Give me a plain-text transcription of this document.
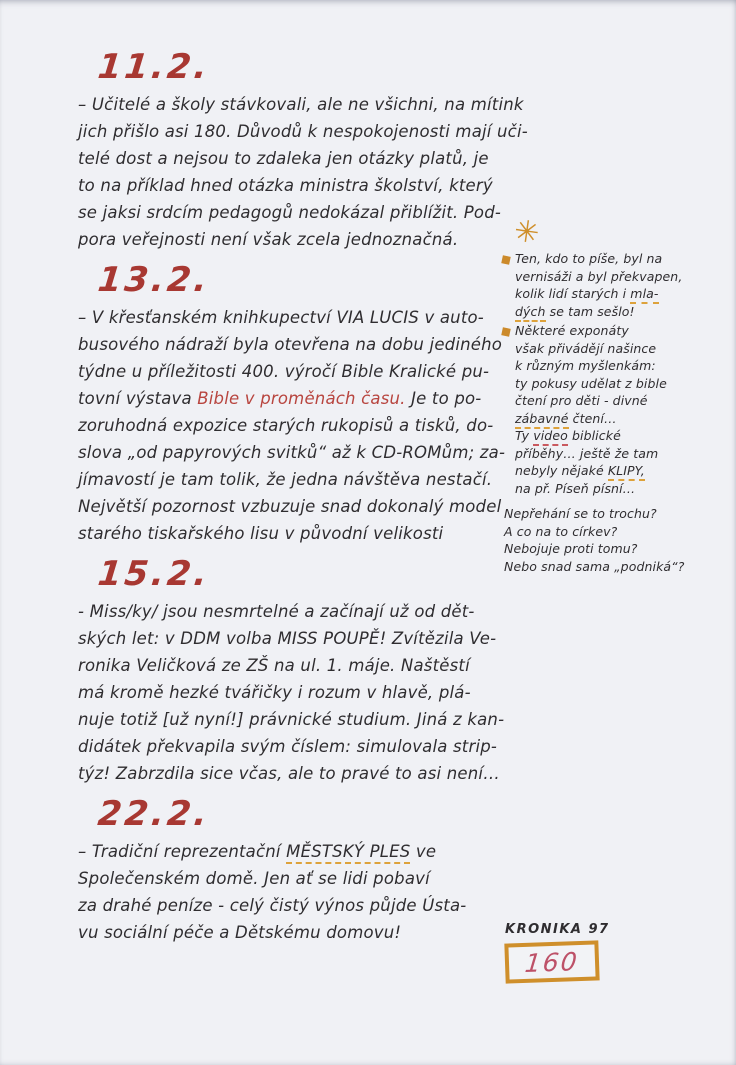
11.2.
– Učitelé a školy stávkovali, ale ne všichni, na mítink
jich přišlo asi 180. Důvodů k nespokojenosti mají uči-
telé dost a nejsou to zdaleka jen otázky platů, je
to na příklad hned otázka ministra školství, který
se jaksi srdcím pedagogů nedokázal přiblížit. Pod-
pora veřejnosti není však zcela jednoznačná.
13.2.
– V křesťanském knihkupectví VIA LUCIS v auto-
busového nádraží byla otevřena na dobu jediného
týdne u příležitosti 400. výročí Bible Kralické pu-
tovní výstava Bible v proměnách času. Je to po-
zoruhodná expozice starých rukopisů a tisků, do-
slova „od papyrových svitků“ až k CD-ROMům; za-
jímavostí je tam tolik, že jedna návštěva nestačí.
Největší pozornost vzbuzuje snad dokonalý model
starého tiskařského lisu v původní velikosti
15.2.
- Miss/ky/ jsou nesmrtelné a začínají už od dět-
ských let: v DDM volba MISS POUPĚ! Zvítězila Ve-
ronika Veličková ze ZŠ na ul. 1. máje. Naštěstí
má kromě hezké tvářičky i rozum v hlavě, plá-
nuje totiž [už nyní!] právnické studium. Jiná z kan-
didátek překvapila svým číslem: simulovala strip-
týz! Zabrzdila sice včas, ale to pravé to asi není…
22.2.
– Tradiční reprezentační MĚSTSKÝ PLES ve
Společenském domě. Jen ať se lidi pobaví
za drahé peníze - celý čistý výnos půjde Ústa-
vu sociální péče a Dětskému domovu!
✳
Ten, kdo to píše, byl na
vernisáži a byl překvapen,
kolik lidí starých i mla-
dých se tam sešlo!
Některé exponáty
však přivádějí našince
k různým myšlenkám:
ty pokusy udělat z bible
čtení pro děti - divné
zábavné čtení…
Ty video biblické
příběhy… ještě že tam
nebyly nějaké KLIPY,
na př. Píseň písní…
Nepřehání se to trochu?
A co na to církev?
Nebojuje proti tomu?
Nebo snad sama „podniká“?
KRONIKA 97
160
